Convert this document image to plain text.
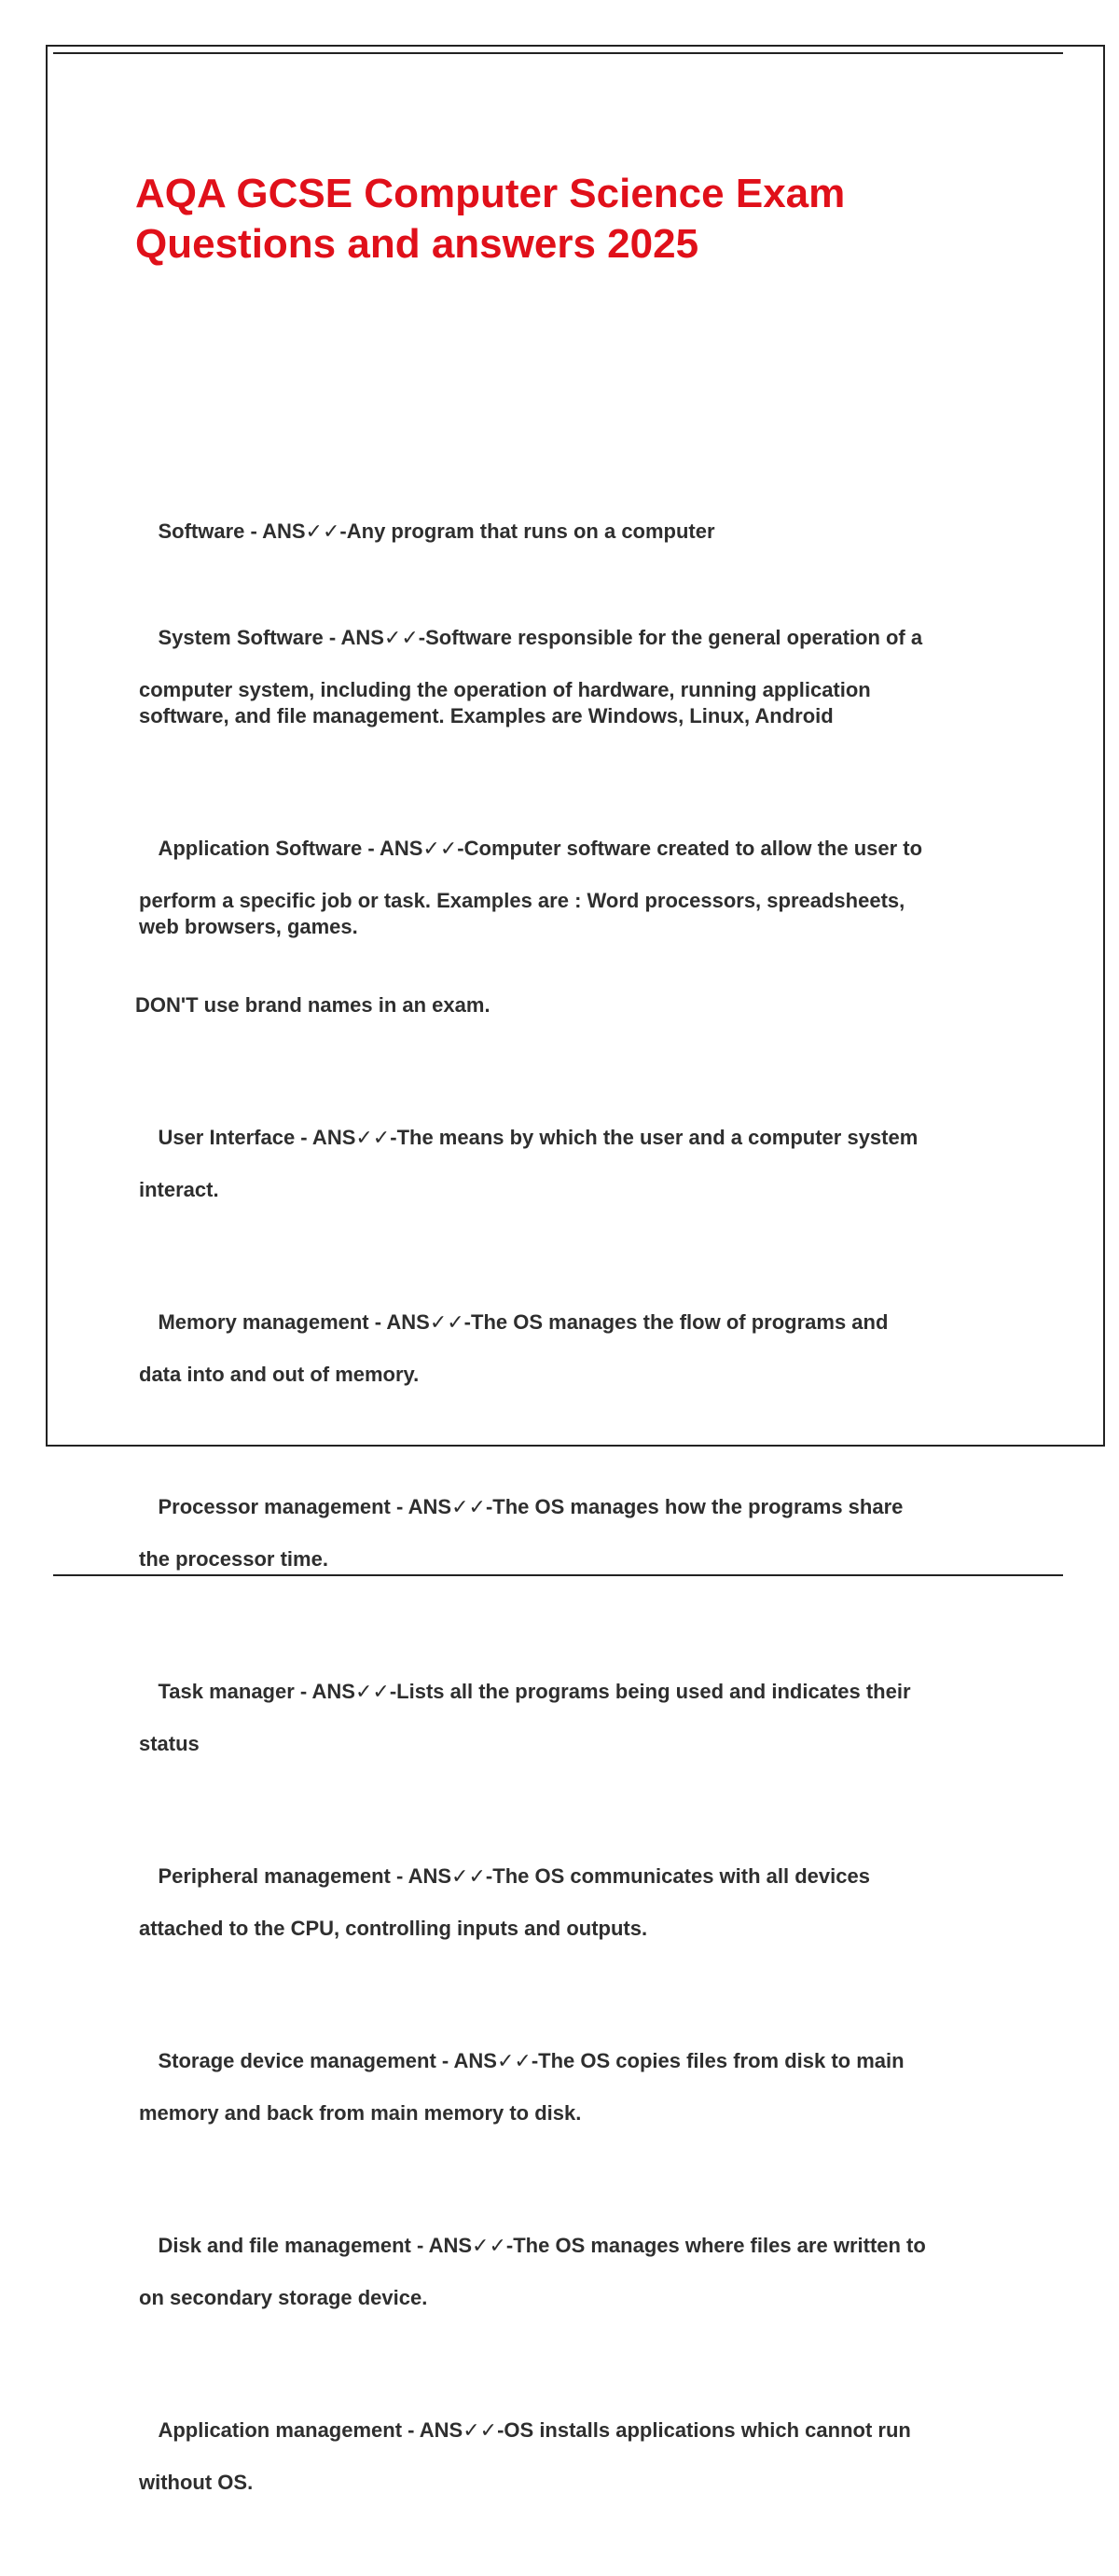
AQA GCSE Computer Science Exam
Questions and answers 2025

Software - ANS✓✓-Any program that runs on a computer

System Software - ANS✓✓-Software responsible for the general operation of a

computer system, including the operation of hardware, running application
software, and file management. Examples are Windows, Linux, Android

Application Software - ANS✓✓-Computer software created to allow the user to

perform a specific job or task. Examples are : Word processors, spreadsheets,
web browsers, games.

DON'T use brand names in an exam.

User Interface - ANS✓✓-The means by which the user and a computer system

interact.

Memory management - ANS✓✓-The OS manages the flow of programs and

data into and out of memory.

Processor management - ANS✓✓-The OS manages how the programs share

the processor time.

Task manager - ANS✓✓-Lists all the programs being used and indicates their

status

Peripheral management - ANS✓✓-The OS communicates with all devices

attached to the CPU, controlling inputs and outputs.

Storage device management - ANS✓✓-The OS copies files from disk to main

memory and back from main memory to disk.

Disk and file management - ANS✓✓-The OS manages where files are written to

on secondary storage device.

Application management - ANS✓✓-OS installs applications which cannot run

without OS.
